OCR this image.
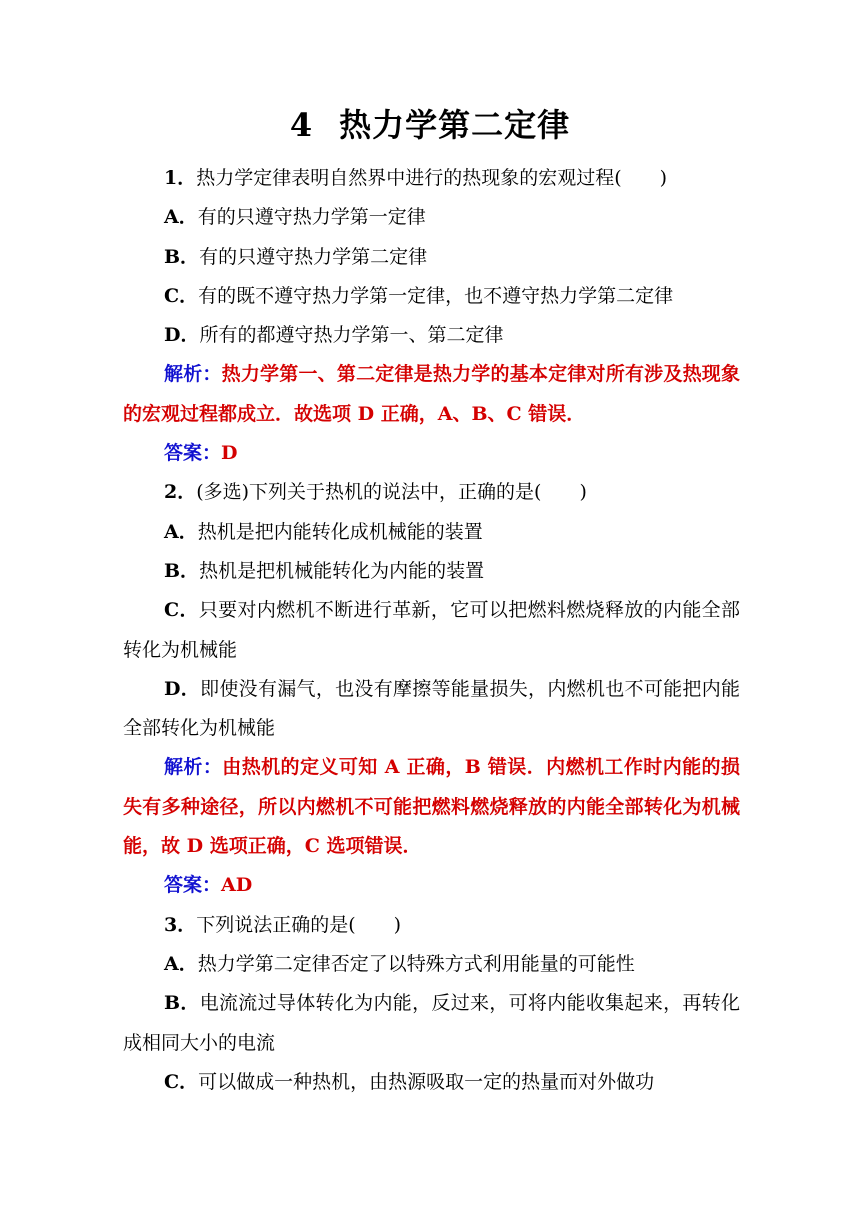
4 热力学第二定律

1．热力学定律表明自然界中进行的热现象的宏观过程(　　)

A．有的只遵守热力学第一定律

B．有的只遵守热力学第二定律

C．有的既不遵守热力学第一定律，也不遵守热力学第二定律

D．所有的都遵守热力学第一、第二定律

解析：热力学第一、第二定律是热力学的基本定律对所有涉及热现象的宏观过程都成立．故选项 D 正确，A、B、C 错误．

答案：D

2．(多选)下列关于热机的说法中，正确的是(　　)

A．热机是把内能转化成机械能的装置

B．热机是把机械能转化为内能的装置

C．只要对内燃机不断进行革新，它可以把燃料燃烧释放的内能全部转化为机械能

D．即使没有漏气，也没有摩擦等能量损失，内燃机也不可能把内能全部转化为机械能

解析：由热机的定义可知 A 正确，B 错误．内燃机工作时内能的损失有多种途径，所以内燃机不可能把燃料燃烧释放的内能全部转化为机械能，故 D 选项正确，C 选项错误．

答案：AD

3．下列说法正确的是(　　)

A．热力学第二定律否定了以特殊方式利用能量的可能性

B．电流流过导体转化为内能，反过来，可将内能收集起来，再转化成相同大小的电流

C．可以做成一种热机，由热源吸取一定的热量而对外做功
